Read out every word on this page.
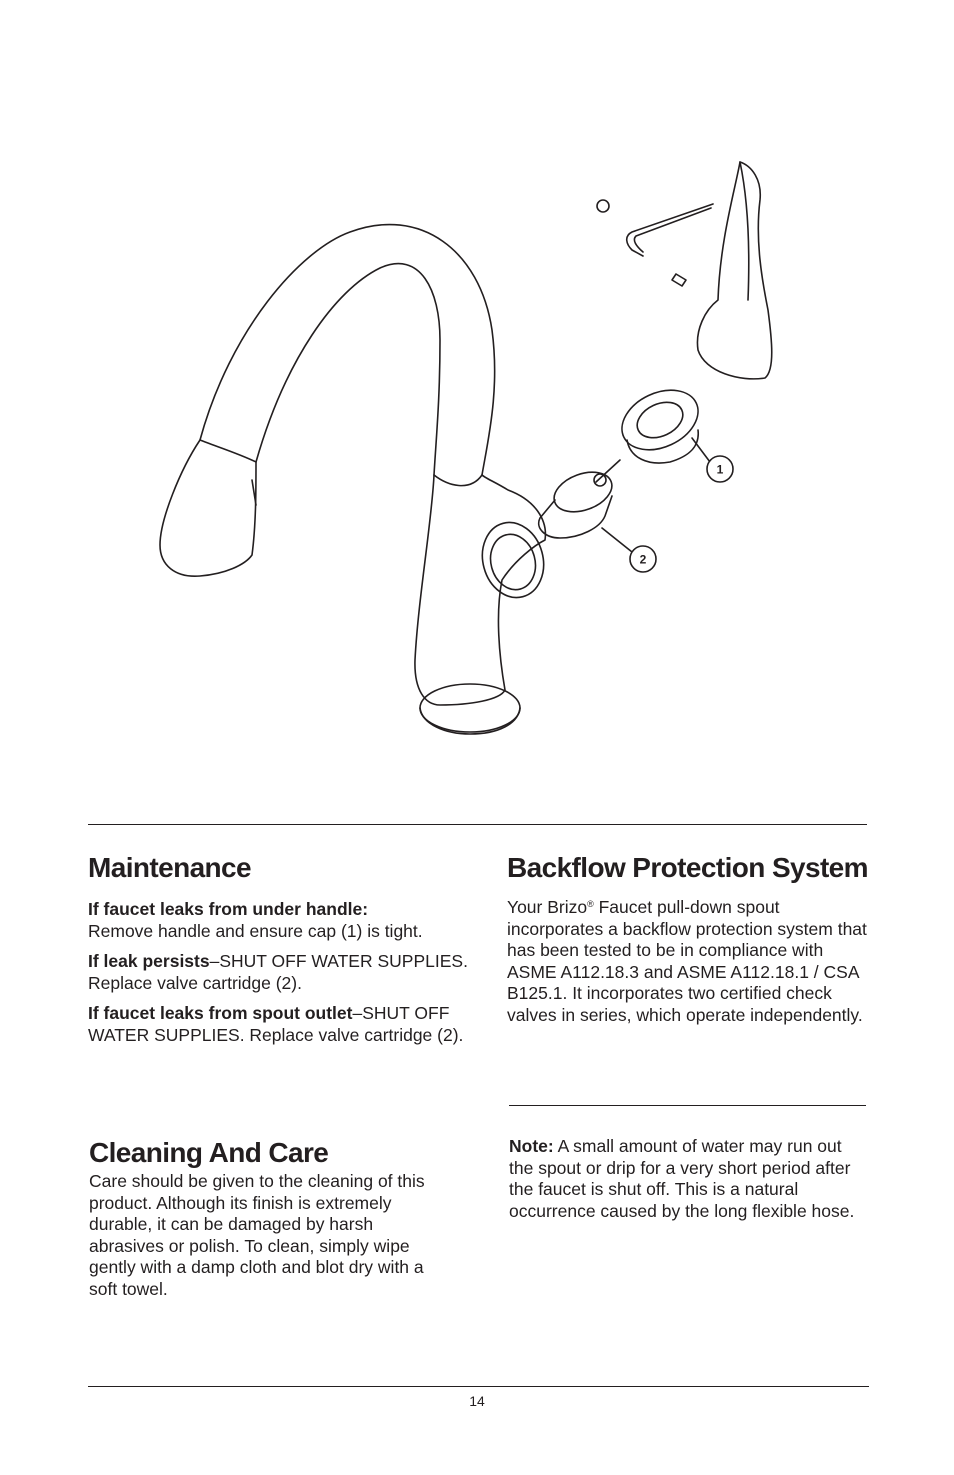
1
2
Maintenance

If faucet leaks from under handle:
Remove handle and ensure cap (1) is tight.

If leak persists–SHUT OFF WATER SUPPLIES. Replace valve cartridge (2).

If faucet leaks from spout outlet–SHUT OFF WATER SUPPLIES. Replace valve cartridge (2).

Backflow Protection System

Your Brizo® Faucet pull-down spout incorporates a backflow protection system that has been tested to be in compliance with ASME A112.18.3 and ASME A112.18.1 / CSA B125.1. It incorporates two certified check valves in series, which operate independently.

Cleaning And Care

Care should be given to the cleaning of this product. Although its finish is extremely durable, it can be damaged by harsh abrasives or polish. To clean, simply wipe gently with a damp cloth and blot dry with a soft towel.

Note: A small amount of water may run out the spout or drip for a very short period after the faucet is shut off. This is a natural occurrence caused by the long flexible hose.

14
